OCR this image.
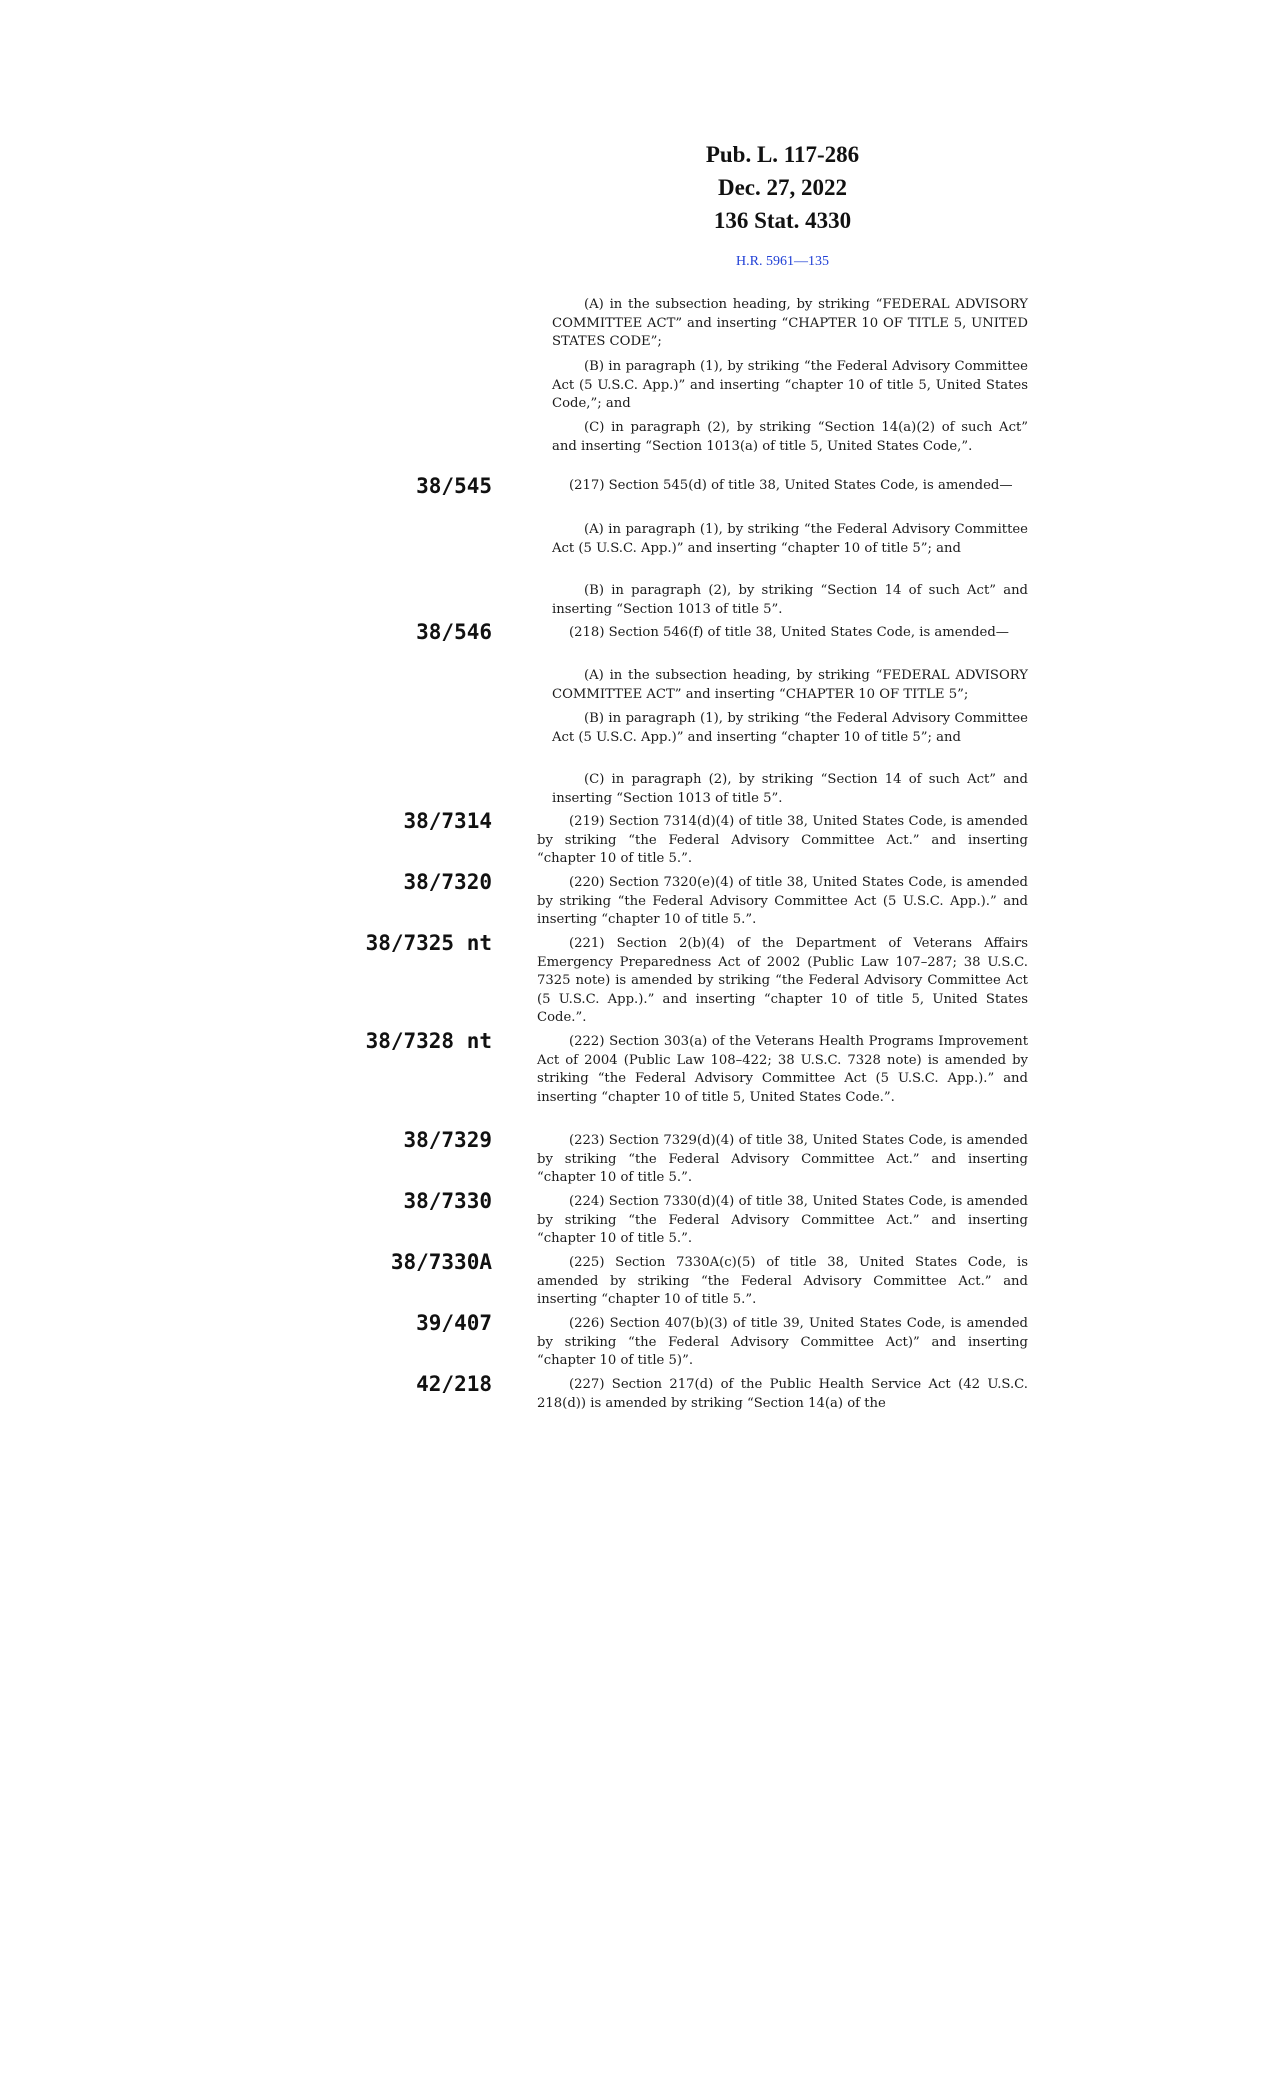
Pub. L. 117-286
Dec. 27, 2022
136 Stat. 4330
H.R. 5961—135

(A) in the subsection heading, by striking “FEDERAL ADVISORY COMMITTEE ACT” and inserting “CHAPTER 10 OF TITLE 5, UNITED STATES CODE”;

(B) in paragraph (1), by striking “the Federal Advisory Committee Act (5 U.S.C. App.)” and inserting “chapter 10 of title 5, United States Code,”; and

(C) in paragraph (2), by striking “Section 14(a)(2) of such Act” and inserting “Section 1013(a) of title 5, United States Code,”.

38/545	(217) Section 545(d) of title 38, United States Code, is amended—

(A) in paragraph (1), by striking “the Federal Advisory Committee Act (5 U.S.C. App.)” and inserting “chapter 10 of title 5”; and

(B) in paragraph (2), by striking “Section 14 of such Act” and inserting “Section 1013 of title 5”.

38/546	(218) Section 546(f) of title 38, United States Code, is amended—

(A) in the subsection heading, by striking “FEDERAL ADVISORY COMMITTEE ACT” and inserting “CHAPTER 10 OF TITLE 5”;

(B) in paragraph (1), by striking “the Federal Advisory Committee Act (5 U.S.C. App.)” and inserting “chapter 10 of title 5”; and

(C) in paragraph (2), by striking “Section 14 of such Act” and inserting “Section 1013 of title 5”.

38/7314	(219) Section 7314(d)(4) of title 38, United States Code, is amended by striking “the Federal Advisory Committee Act.” and inserting “chapter 10 of title 5.”.

38/7320	(220) Section 7320(e)(4) of title 38, United States Code, is amended by striking “the Federal Advisory Committee Act (5 U.S.C. App.).” and inserting “chapter 10 of title 5.”.

38/7325 nt	(221) Section 2(b)(4) of the Department of Veterans Affairs Emergency Preparedness Act of 2002 (Public Law 107–287; 38 U.S.C. 7325 note) is amended by striking “the Federal Advisory Committee Act (5 U.S.C. App.).” and inserting “chapter 10 of title 5, United States Code.”.

38/7328 nt	(222) Section 303(a) of the Veterans Health Programs Improvement Act of 2004 (Public Law 108–422; 38 U.S.C. 7328 note) is amended by striking “the Federal Advisory Committee Act (5 U.S.C. App.).” and inserting “chapter 10 of title 5, United States Code.”.

38/7329	(223) Section 7329(d)(4) of title 38, United States Code, is amended by striking “the Federal Advisory Committee Act.” and inserting “chapter 10 of title 5.”.

38/7330	(224) Section 7330(d)(4) of title 38, United States Code, is amended by striking “the Federal Advisory Committee Act.” and inserting “chapter 10 of title 5.”.

38/7330A	(225) Section 7330A(c)(5) of title 38, United States Code, is amended by striking “the Federal Advisory Committee Act.” and inserting “chapter 10 of title 5.”.

39/407	(226) Section 407(b)(3) of title 39, United States Code, is amended by striking “the Federal Advisory Committee Act)” and inserting “chapter 10 of title 5)”.

42/218	(227) Section 217(d) of the Public Health Service Act (42 U.S.C. 218(d)) is amended by striking “Section 14(a) of the
